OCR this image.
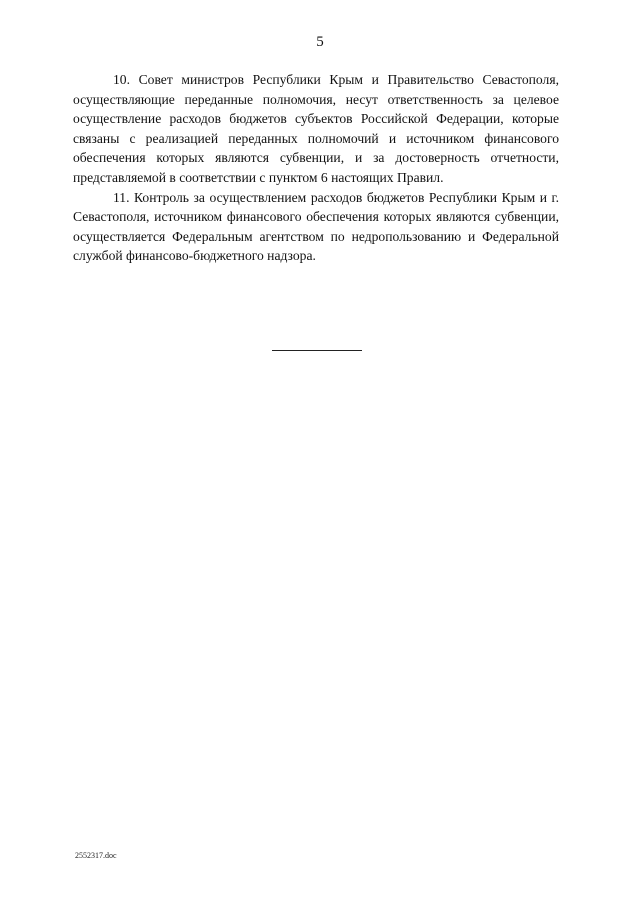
5

10. Совет министров Республики Крым и Правительство Севастополя, осуществляющие переданные полномочия, несут ответственность за целевое осуществление расходов бюджетов субъектов Российской Федерации, которые связаны с реализацией переданных полномочий и источником финансового обеспечения которых являются субвенции, и за достоверность отчетности, представляемой в соответствии с пунктом 6 настоящих Правил.

11. Контроль за осуществлением расходов бюджетов Республики Крым и г. Севастополя, источником финансового обеспечения которых являются субвенции, осуществляется Федеральным агентством по недропользованию и Федеральной службой финансово-бюджетного надзора.

2552317.doc
